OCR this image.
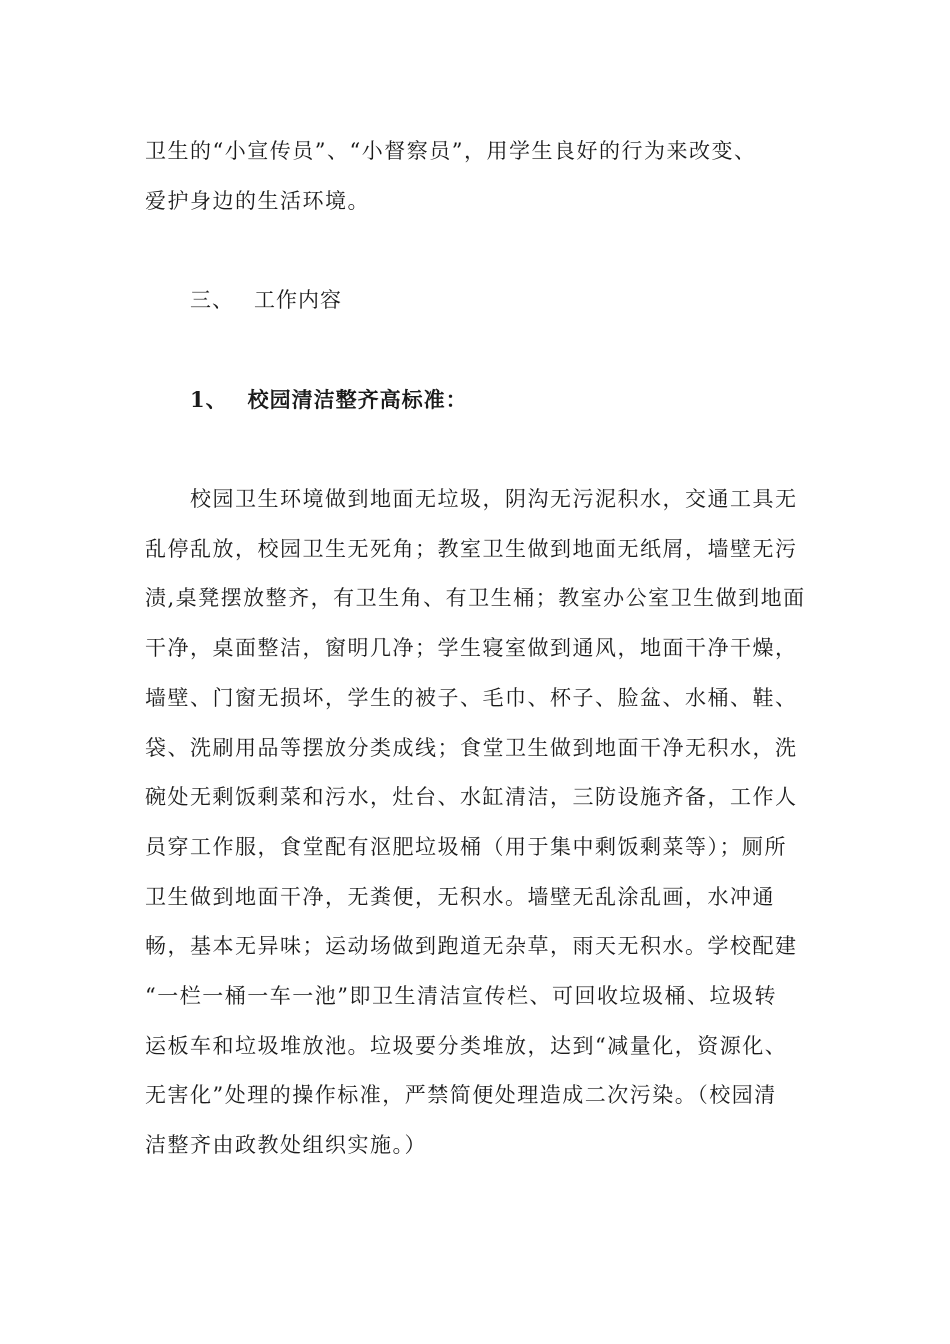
卫生的“小宣传员”、“小督察员”，用学生良好的行为来改变、
爱护身边的生活环境。
三、 工作内容
1、 校园清洁整齐高标准：
校园卫生环境做到地面无垃圾，阴沟无污泥积水，交通工具无
乱停乱放，校园卫生无死角；教室卫生做到地面无纸屑，墙壁无污
渍,桌凳摆放整齐，有卫生角、有卫生桶；教室办公室卫生做到地面
干净，桌面整洁，窗明几净；学生寝室做到通风，地面干净干燥，
墙壁、门窗无损坏，学生的被子、毛巾、杯子、脸盆、水桶、鞋、
袋、洗刷用品等摆放分类成线；食堂卫生做到地面干净无积水，洗
碗处无剩饭剩菜和污水，灶台、水缸清洁，三防设施齐备，工作人
员穿工作服，食堂配有沤肥垃圾桶（用于集中剩饭剩菜等）；厕所
卫生做到地面干净，无粪便，无积水。墙壁无乱涂乱画，水冲通
畅，基本无异味；运动场做到跑道无杂草，雨天无积水。学校配建
“一栏一桶一车一池”即卫生清洁宣传栏、可回收垃圾桶、垃圾转
运板车和垃圾堆放池。垃圾要分类堆放，达到“减量化，资源化、
无害化”处理的操作标准，严禁简便处理造成二次污染。（校园清
洁整齐由政教处组织实施。）
